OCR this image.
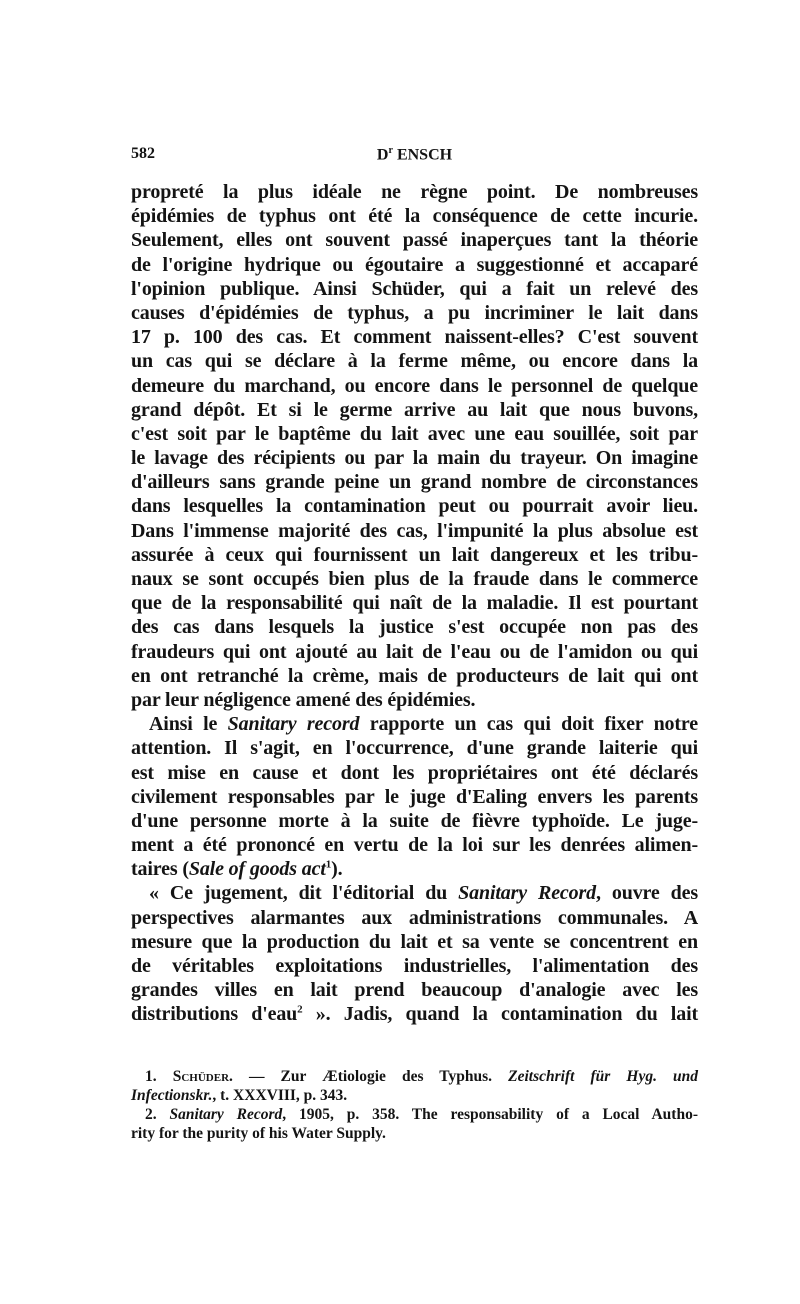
582	$D^r$ ENSCH
propreté la plus idéale ne règne point. De nombreuses
épidémies de typhus ont été la conséquence de cette incurie.
Seulement, elles ont souvent passé inaperçues tant la théorie
de l'origine hydrique ou égoutaire a suggestionné et accaparé
l'opinion publique. Ainsi Schüder, qui a fait un relevé des
causes d'épidémies de typhus, a pu incriminer le lait dans
17 p. 100 des cas. Et comment naissent-elles? C'est souvent
un cas qui se déclare à la ferme même, ou encore dans la
demeure du marchand, ou encore dans le personnel de quelque
grand dépôt. Et si le germe arrive au lait que nous buvons,
c'est soit par le baptême du lait avec une eau souillée, soit par
le lavage des récipients ou par la main du trayeur. On imagine
d'ailleurs sans grande peine un grand nombre de circonstances
dans lesquelles la contamination peut ou pourrait avoir lieu.
Dans l'immense majorité des cas, l'impunité la plus absolue est
assurée à ceux qui fournissent un lait dangereux et les tribu-
naux se sont occupés bien plus de la fraude dans le commerce
que de la responsabilité qui naît de la maladie. Il est pourtant
des cas dans lesquels la justice s'est occupée non pas des
fraudeurs qui ont ajouté au lait de l'eau ou de l'amidon ou qui
en ont retranché la crème, mais de producteurs de lait qui ont
par leur négligence amené des épidémies.
Ainsi le Sanitary record rapporte un cas qui doit fixer notre
attention. Il s'agit, en l'occurrence, d'une grande laiterie qui
est mise en cause et dont les propriétaires ont été déclarés
civilement responsables par le juge d'Ealing envers les parents
d'une personne morte à la suite de fièvre typhoïde. Le juge-
ment a été prononcé en vertu de la loi sur les denrées alimen-
taires (Sale of goods act$^1$).
« Ce jugement, dit l'éditorial du Sanitary Record, ouvre des
perspectives alarmantes aux administrations communales. A
mesure que la production du lait et sa vente se concentrent en
de véritables exploitations industrielles, l'alimentation des
grandes villes en lait prend beaucoup d'analogie avec les
distributions d'eau$^2$ ». Jadis, quand la contamination du lait
1. Schüder. — Zur Ætiologie des Typhus. Zeitschrift für Hyg. und
Infectionskr., t. XXXVIII, p. 343.
2. Sanitary Record, 1905, p. 358. The responsability of a Local Autho-
rity for the purity of his Water Supply.
